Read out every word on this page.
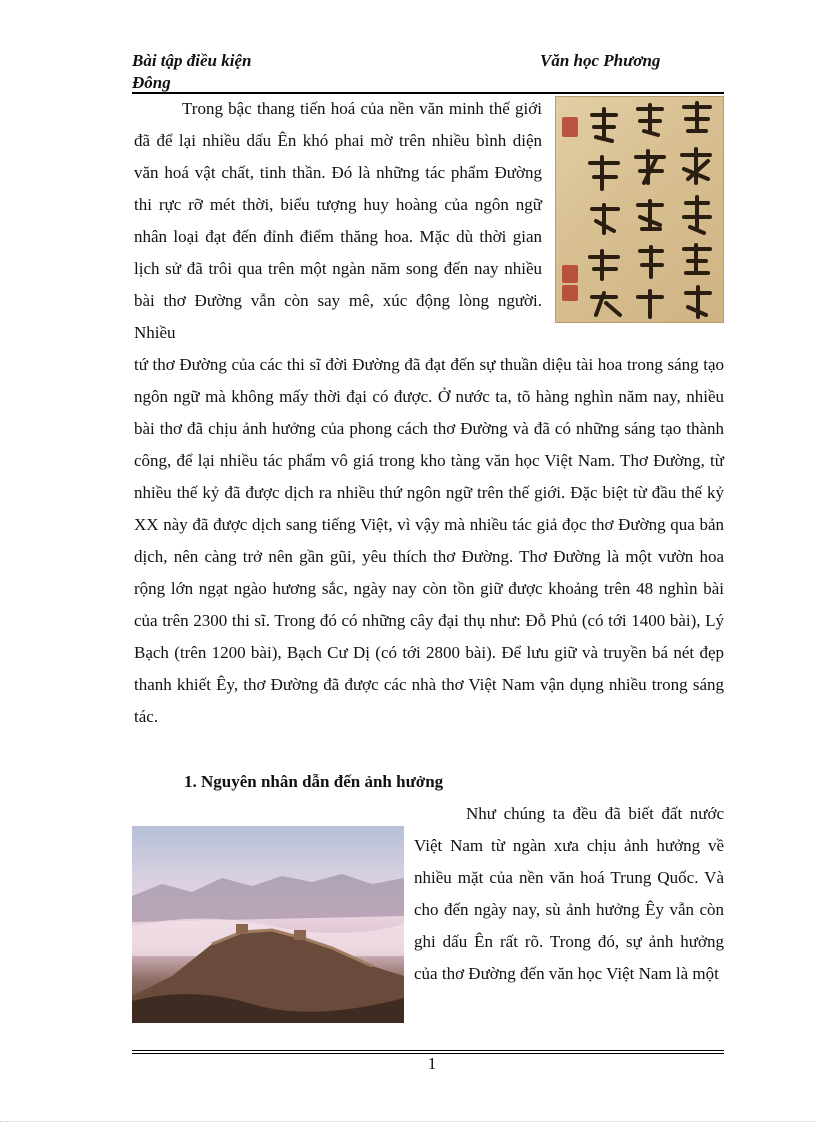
Bài tập điều kiện
Đông
Văn học Phương

Trong bậc thang tiến hoá của nền văn minh thế giới đã để lại nhiều dấu Ên khó phai mờ trên nhiều bình diện văn hoá vật chất, tinh thần. Đó là những tác phẩm Đường thi rực rỡ mét thời, biểu tượng huy hoàng của ngôn ngữ nhân loại đạt đến đỉnh điểm thăng hoa. Mặc dù thời gian lịch sử đã trôi qua trên một ngàn năm song đến nay nhiều bài thơ Đường vẫn còn say mê, xúc động lòng người. Nhiều

tứ thơ Đường của các thi sĩ đời Đường đã đạt đến sự thuần diệu tài hoa trong sáng tạo ngôn ngữ mà không mấy thời đại có được. Ở nước ta, tõ hàng nghìn năm nay, nhiều bài thơ đã chịu ảnh hưởng của phong cách thơ Đường và đã có những sáng tạo thành công, để lại nhiều tác phẩm vô giá trong kho tàng văn học Việt Nam. Thơ Đường, từ nhiều thế kỷ đã được dịch ra nhiều thứ ngôn ngữ trên thế giới. Đặc biệt từ đầu thế kỷ XX này đã được dịch sang tiếng Việt, vì vậy mà nhiều tác giả đọc thơ Đường qua bản dịch, nên càng trở nên gần gũi, yêu thích thơ Đường. Thơ Đường là một vườn hoa rộng lớn ngạt ngào hương sắc, ngày nay còn tồn giữ được khoảng trên 48 nghìn bài của trên 2300 thi sĩ. Trong đó có những cây đại thụ như: Đỗ Phủ (có tới 1400 bài), Lý Bạch (trên 1200 bài), Bạch Cư Dị (có tới 2800 bài). Để lưu giữ và truyền bá nét đẹp thanh khiết Êy, thơ Đường đã được các nhà thơ Việt Nam vận dụng nhiều trong sáng tác.

1. Nguyên nhân dẫn đến ảnh hưởng

Như chúng ta đều đã biết đất nước Việt Nam từ ngàn xưa chịu ảnh hưởng về nhiều mặt của nền văn hoá Trung Quốc. Và cho đến ngày nay, sù ảnh hưởng Êy vẫn còn ghi dấu Ên rất rõ. Trong đó, sự ảnh hưởng của thơ Đường đến văn học Việt Nam là một

1
